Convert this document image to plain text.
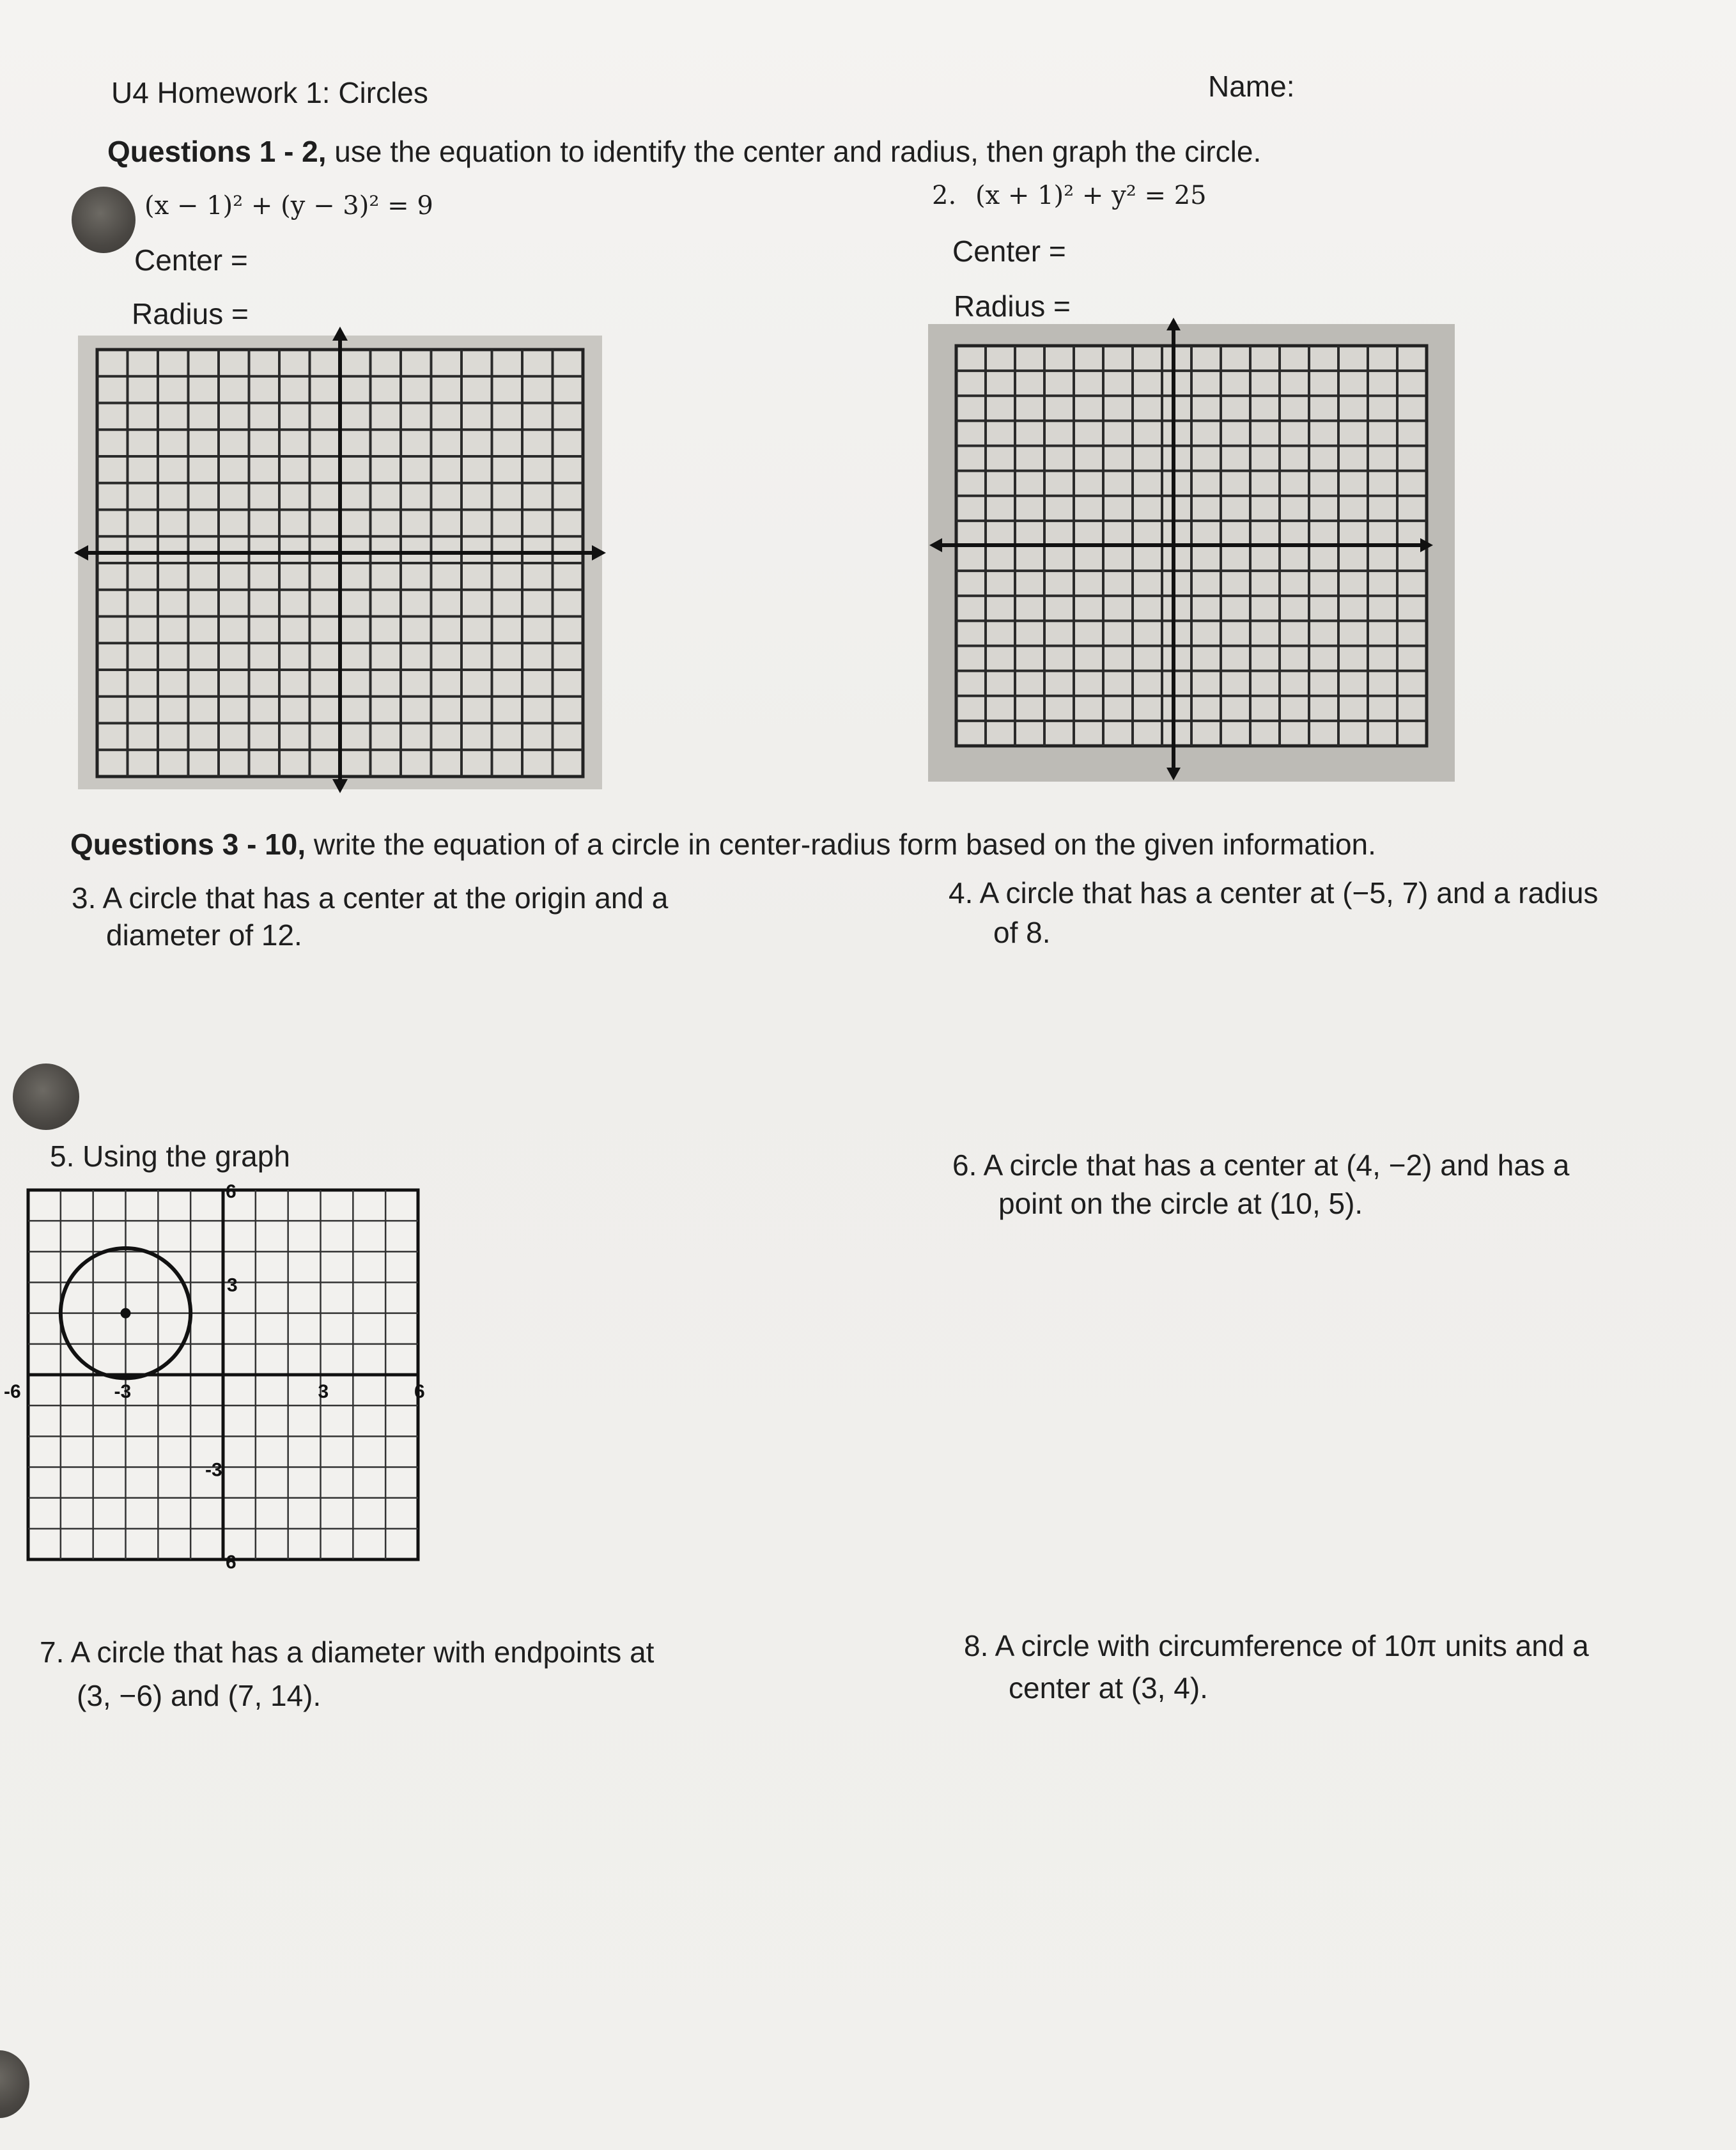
U4 Homework 1: Circles	Name:
Questions 1 - 2, use the equation to identify the center and radius, then graph the circle.
(x − 1)² + (y − 3)² = 9
Center =
Radius =
2. (x + 1)² + y² = 25
Center =
Radius =
Questions 3 - 10, write the equation of a circle in center-radius form based on the given information.
3. A circle that has a center at the origin and a
diameter of 12.
4. A circle that has a center at (−5, 7) and a radius
of 8.
5. Using the graph
6
3
-3
6
-6	-3	3	6
6. A circle that has a center at (4, −2) and has a
point on the circle at (10, 5).
7. A circle that has a diameter with endpoints at
(3, −6) and (7, 14).
8. A circle with circumference of 10π units and a
center at (3, 4).
